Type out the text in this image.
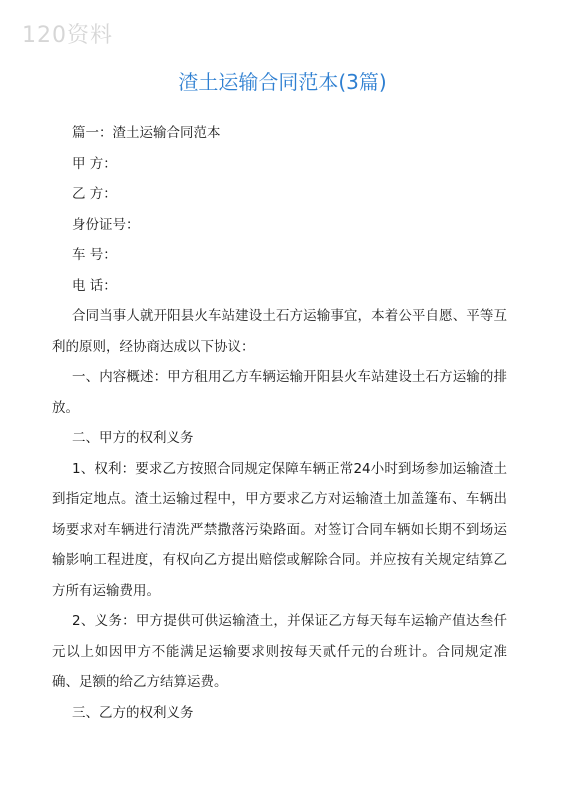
120资料
渣土运输合同范本(3篇)

篇一：渣土运输合同范本

甲 方：

乙 方：

身份证号：

车 号：

电 话：

合同当事人就开阳县火车站建设土石方运输事宜，本着公平自愿、平等互利的原则，经协商达成以下协议：

一、内容概述：甲方租用乙方车辆运输开阳县火车站建设土石方运输的排放。

二、甲方的权利义务

1、权利：要求乙方按照合同规定保障车辆正常24小时到场参加运输渣土到指定地点。渣土运输过程中，甲方要求乙方对运输渣土加盖篷布、车辆出场要求对车辆进行清洗严禁撒落污染路面。对签订合同车辆如长期不到场运输影响工程进度，有权向乙方提出赔偿或解除合同。并应按有关规定结算乙方所有运输费用。

2、义务：甲方提供可供运输渣土，并保证乙方每天每车运输产值达叁仟元以上如因甲方不能满足运输要求则按每天贰仟元的台班计。合同规定准确、足额的给乙方结算运费。

三、乙方的权利义务
